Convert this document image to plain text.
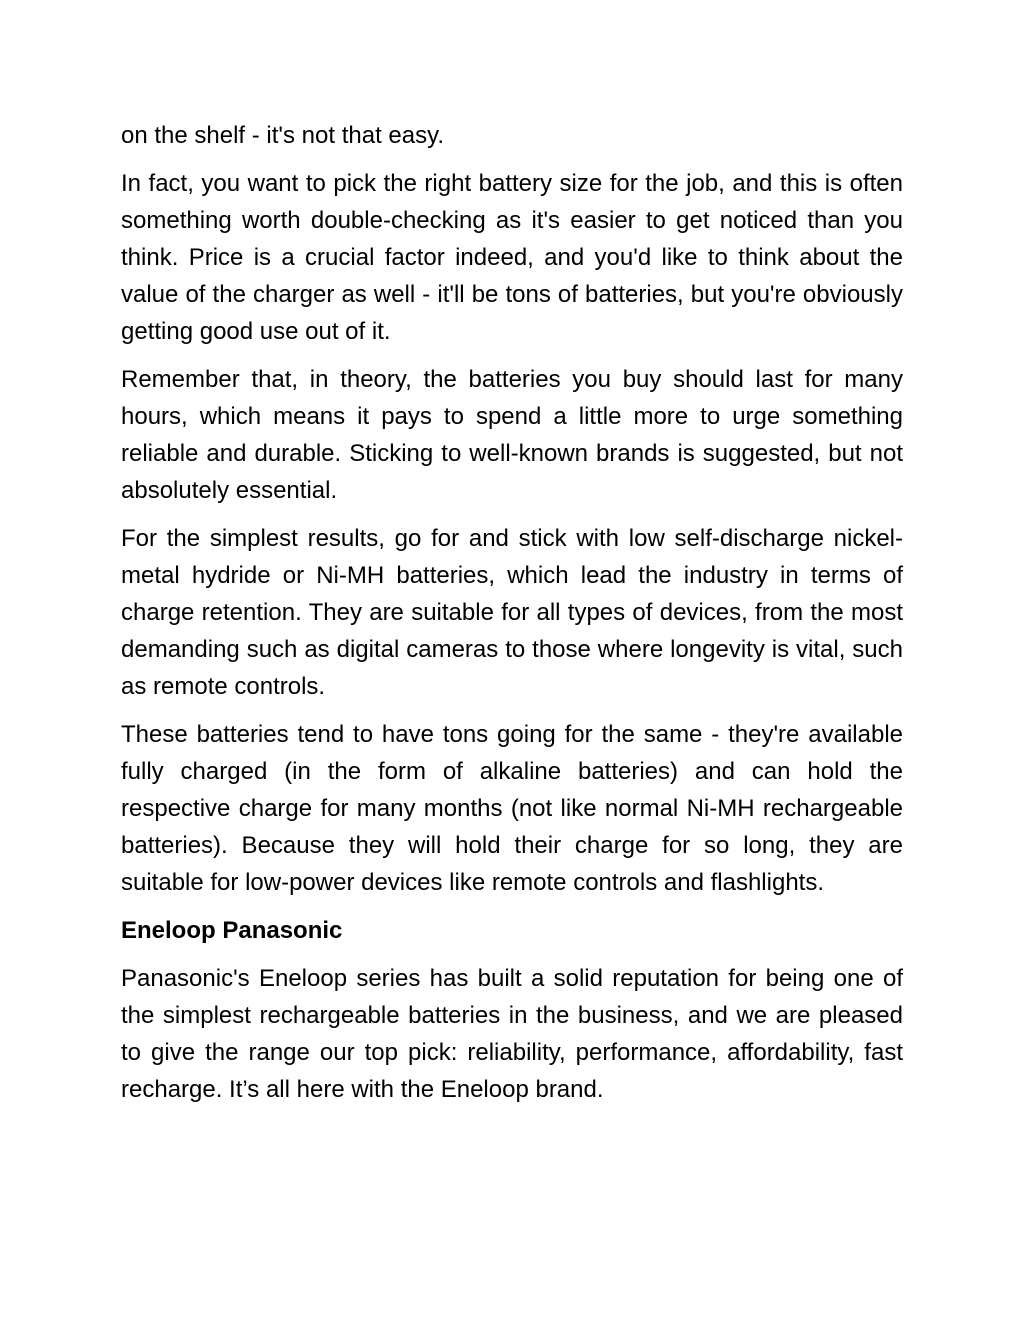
on the shelf - it's not that easy.

In fact, you want to pick the right battery size for the job, and this is often something worth double-checking as it's easier to get noticed than you think. Price is a crucial factor indeed, and you'd like to think about the value of the charger as well - it'll be tons of batteries, but you're obviously getting good use out of it.

Remember that, in theory, the batteries you buy should last for many hours, which means it pays to spend a little more to urge something reliable and durable. Sticking to well-known brands is suggested, but not absolutely essential.

For the simplest results, go for and stick with low self-discharge nickel-metal hydride or Ni-MH batteries, which lead the industry in terms of charge retention. They are suitable for all types of devices, from the most demanding such as digital cameras to those where longevity is vital, such as remote controls.

These batteries tend to have tons going for the same - they're available fully charged (in the form of alkaline batteries) and can hold the respective charge for many months (not like normal Ni-MH rechargeable batteries). Because they will hold their charge for so long, they are suitable for low-power devices like remote controls and flashlights.

Eneloop Panasonic

Panasonic's Eneloop series has built a solid reputation for being one of the simplest rechargeable batteries in the business, and we are pleased to give the range our top pick: reliability, performance, affordability, fast recharge. It’s all here with the Eneloop brand.
